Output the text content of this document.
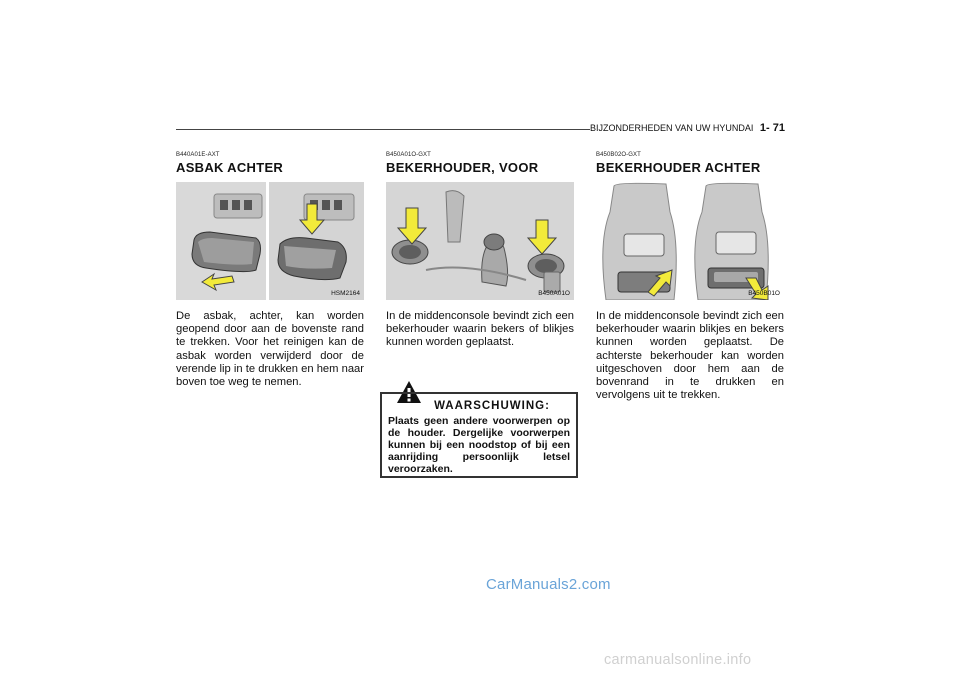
BIJZONDERHEDEN VAN UW HYUNDAI 1- 71
B440A01E-AXT
ASBAK ACHTER
HSM2164
De asbak, achter, kan worden geopend door aan de bovenste rand te trekken. Voor het reinigen kan de asbak worden verwijderd door de verende lip in te drukken en hem naar boven toe weg te nemen.
B450A01O-GXT
BEKERHOUDER, VOOR
B450A01O
In de middenconsole bevindt zich een bekerhouder waarin bekers of blikjes kunnen worden geplaatst.
WAARSCHUWING:
Plaats geen andere voorwerpen op de houder. Dergelijke voorwerpen kunnen bij een noodstop of bij een aanrijding persoonlijk letsel veroorzaken.
B450B02O-GXT
BEKERHOUDER ACHTER
B450B01O
In de middenconsole bevindt zich een bekerhouder waarin blikjes en bekers kunnen worden geplaatst. De achterste bekerhouder kan worden uitgeschoven door hem aan de bovenrand in te drukken en vervolgens uit te trekken.
CarManuals2.com
carmanualsonline.info
